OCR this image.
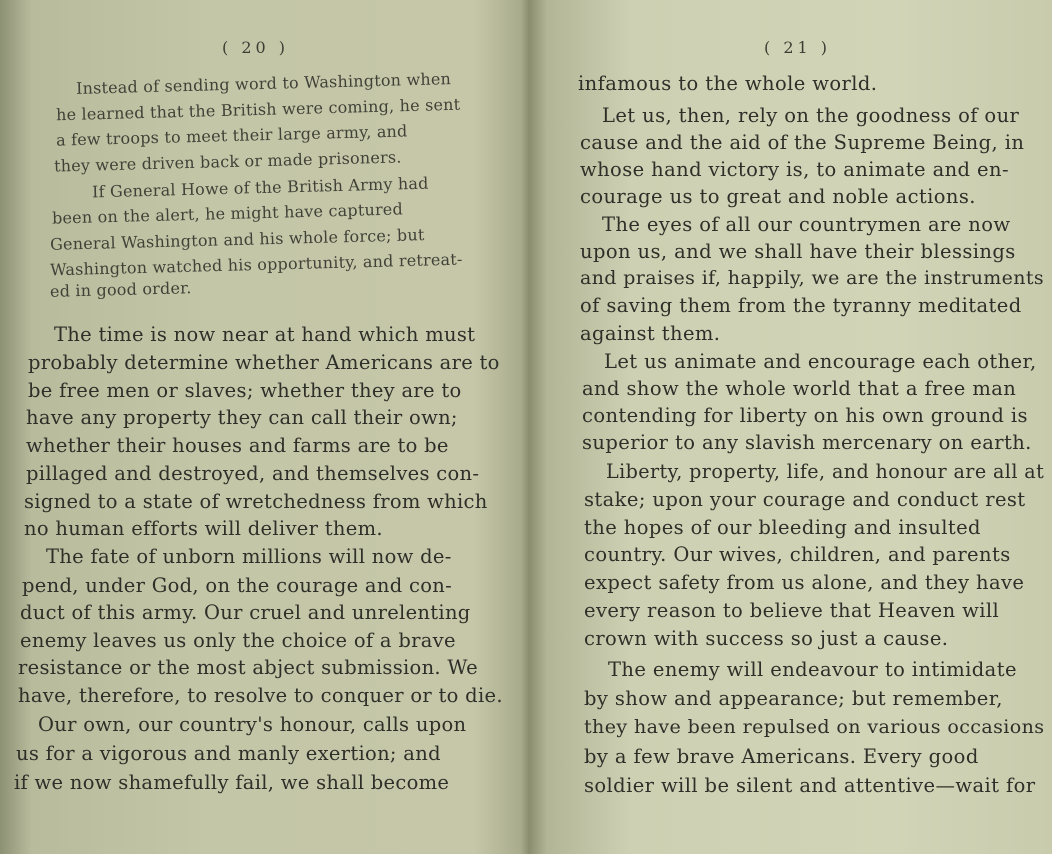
( 20 )
Instead of sending word to Washington when
he learned that the British were coming, he sent
a few troops to meet their large army, and
they were driven back or made prisoners.
If General Howe of the British Army had
been on the alert, he might have captured
General Washington and his whole force; but
Washington watched his opportunity, and retreat-
ed in good order.
The time is now near at hand which must
probably determine whether Americans are to
be free men or slaves; whether they are to
have any property they can call their own;
whether their houses and farms are to be
pillaged and destroyed, and themselves con-
signed to a state of wretchedness from which
no human efforts will deliver them.
The fate of unborn millions will now de-
pend, under God, on the courage and con-
duct of this army. Our cruel and unrelenting
enemy leaves us only the choice of a brave
resistance or the most abject submission. We
have, therefore, to resolve to conquer or to die.
Our own, our country's honour, calls upon
us for a vigorous and manly exertion; and
if we now shamefully fail, we shall become
( 21 )
infamous to the whole world.
Let us, then, rely on the goodness of our
cause and the aid of the Supreme Being, in
whose hand victory is, to animate and en-
courage us to great and noble actions.
The eyes of all our countrymen are now
upon us, and we shall have their blessings
and praises if, happily, we are the instruments
of saving them from the tyranny meditated
against them.
Let us animate and encourage each other,
and show the whole world that a free man
contending for liberty on his own ground is
superior to any slavish mercenary on earth.
Liberty, property, life, and honour are all at
stake; upon your courage and conduct rest
the hopes of our bleeding and insulted
country. Our wives, children, and parents
expect safety from us alone, and they have
every reason to believe that Heaven will
crown with success so just a cause.
The enemy will endeavour to intimidate
by show and appearance; but remember,
they have been repulsed on various occasions
by a few brave Americans. Every good
soldier will be silent and attentive—wait for
